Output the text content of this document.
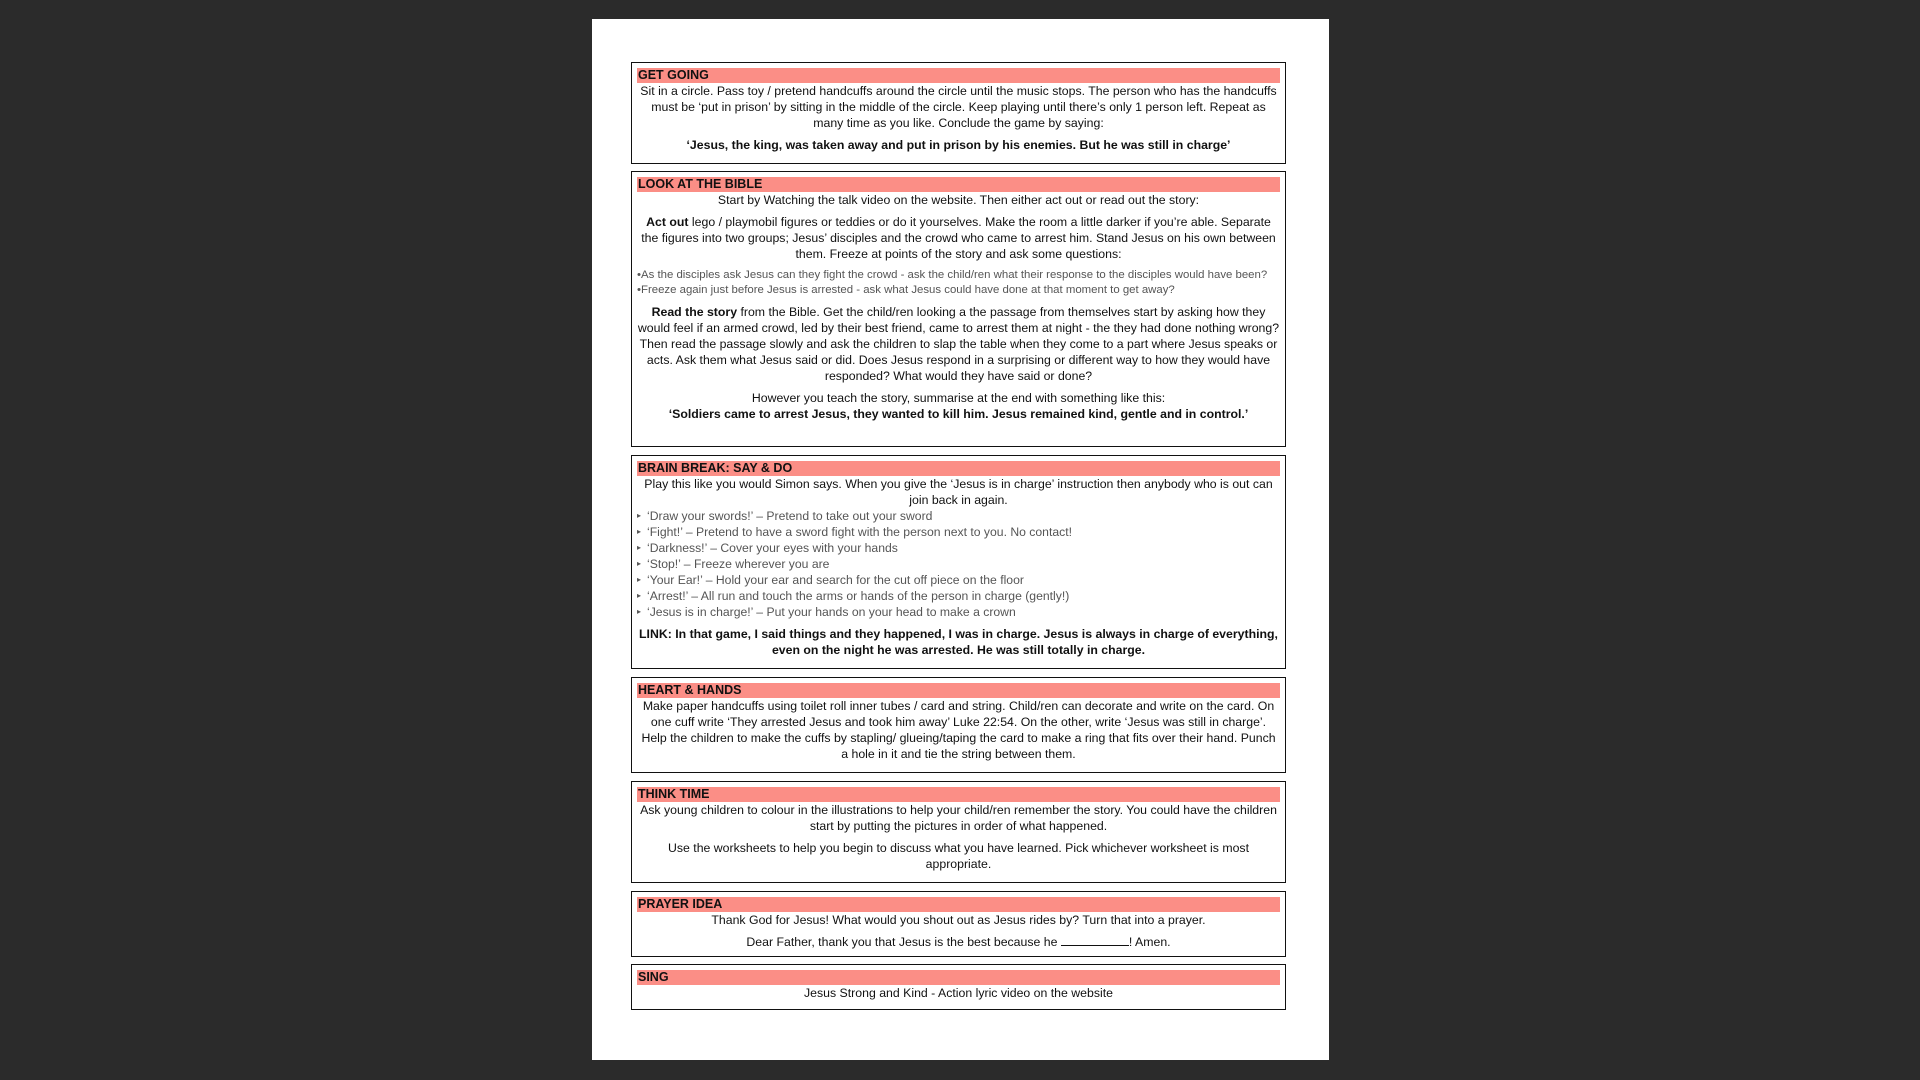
GET GOING

Sit in a circle. Pass toy / pretend handcuffs around the circle until the music stops. The person who has the handcuffs must be ‘put in prison’ by sitting in the middle of the circle. Keep playing until there’s only 1 person left. Repeat as many time as you like. Conclude the game by saying:

‘Jesus, the king, was taken away and put in prison by his enemies. But he was still in charge’

LOOK AT THE BIBLE

Start by Watching the talk video on the website. Then either act out or read out the story:

Act out lego / playmobil figures or teddies or do it yourselves. Make the room a little darker if you’re able. Separate the figures into two groups; Jesus’ disciples and the crowd who came to arrest him. Stand Jesus on his own between them. Freeze at points of the story and ask some questions:

•As the disciples ask Jesus can they fight the crowd - ask the child/ren what their response to the disciples would have been?

•Freeze again just before Jesus is arrested - ask what Jesus could have done at that moment to get away?

Read the story from the Bible. Get the child/ren looking a the passage from themselves start by asking how they would feel if an armed crowd, led by their best friend, came to arrest them at night - the they had done nothing wrong? Then read the passage slowly and ask the children to slap the table when they come to a part where Jesus speaks or acts. Ask them what Jesus said or did. Does Jesus respond in a surprising or different way to how they would have responded? What would they have said or done?

However you teach the story, summarise at the end with something like this:

‘Soldiers came to arrest Jesus, they wanted to kill him. Jesus remained kind, gentle and in control.’

BRAIN BREAK: SAY & DO

Play this like you would Simon says. When you give the ‘Jesus is in charge’ instruction then anybody who is out can join back in again.

▸ ‘Draw your swords!’ – Pretend to take out your sword
▸ ‘Fight!’ – Pretend to have a sword fight with the person next to you. No contact!
▸ ‘Darkness!’ – Cover your eyes with your hands
▸ ‘Stop!’ – Freeze wherever you are
▸ ‘Your Ear!’ – Hold your ear and search for the cut off piece on the floor
▸ ‘Arrest!’ – All run and touch the arms or hands of the person in charge (gently!)
▸ ‘Jesus is in charge!’ – Put your hands on your head to make a crown

LINK: In that game, I said things and they happened, I was in charge. Jesus is always in charge of everything, even on the night he was arrested. He was still totally in charge.

HEART & HANDS

Make paper handcuffs using toilet roll inner tubes / card and string. Child/ren can decorate and write on the card. On one cuff write ‘They arrested Jesus and took him away’ Luke 22:54. On the other, write ‘Jesus was still in charge’. Help the children to make the cuffs by stapling/ glueing/taping the card to make a ring that fits over their hand. Punch a hole in it and tie the string between them.

THINK TIME

Ask young children to colour in the illustrations to help your child/ren remember the story. You could have the children start by putting the pictures in order of what happened.

Use the worksheets to help you begin to discuss what you have learned. Pick whichever worksheet is most appropriate.

PRAYER IDEA

Thank God for Jesus! What would you shout out as Jesus rides by? Turn that into a prayer.

Dear Father, thank you that Jesus is the best because he	! Amen.

SING

Jesus Strong and Kind - Action lyric video on the website
